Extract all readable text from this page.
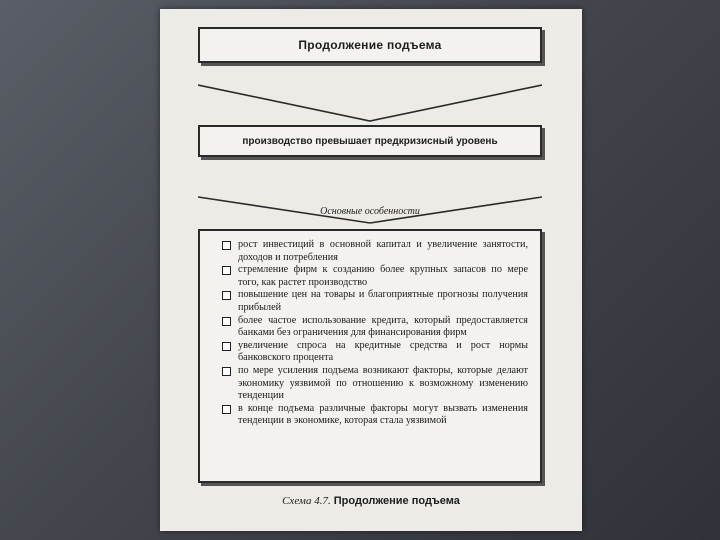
Продолжение подъема
производство превышает предкризисный уровень
Основные особенности
рост инвестиций в основной капитал и увеличение занятости, доходов и потребления
стремление фирм к созданию более крупных запасов по мере того, как растет производство
повышение цен на товары и благоприятные прогнозы получения прибылей
более частое использование кредита, который предоставляется банками без ограничения для финансирования фирм
увеличение спроса на кредитные средства и рост нормы банковского процента
по мере усиления подъема возникают факторы, которые делают экономику уязвимой по отношению к возможному изменению тенденции
в конце подъема различные факторы могут вызвать изменения тенденции в экономике, которая стала уязвимой
Схема 4.7. Продолжение подъема
